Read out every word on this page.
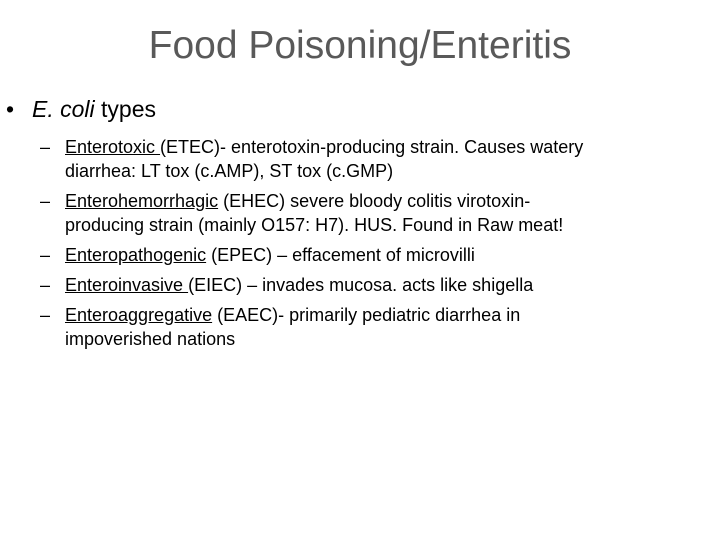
Food Poisoning/Enteritis
• E. coli types
– Enterotoxic (ETEC)- enterotoxin-producing strain. Causes watery
diarrhea: LT tox (c.AMP), ST tox (c.GMP)
– Enterohemorrhagic (EHEC) severe bloody colitis virotoxin-
producing strain (mainly O157: H7). HUS. Found in Raw meat!
– Enteropathogenic (EPEC) – effacement of microvilli
– Enteroinvasive (EIEC) – invades mucosa. acts like shigella
– Enteroaggregative (EAEC)- primarily pediatric diarrhea in
impoverished nations
